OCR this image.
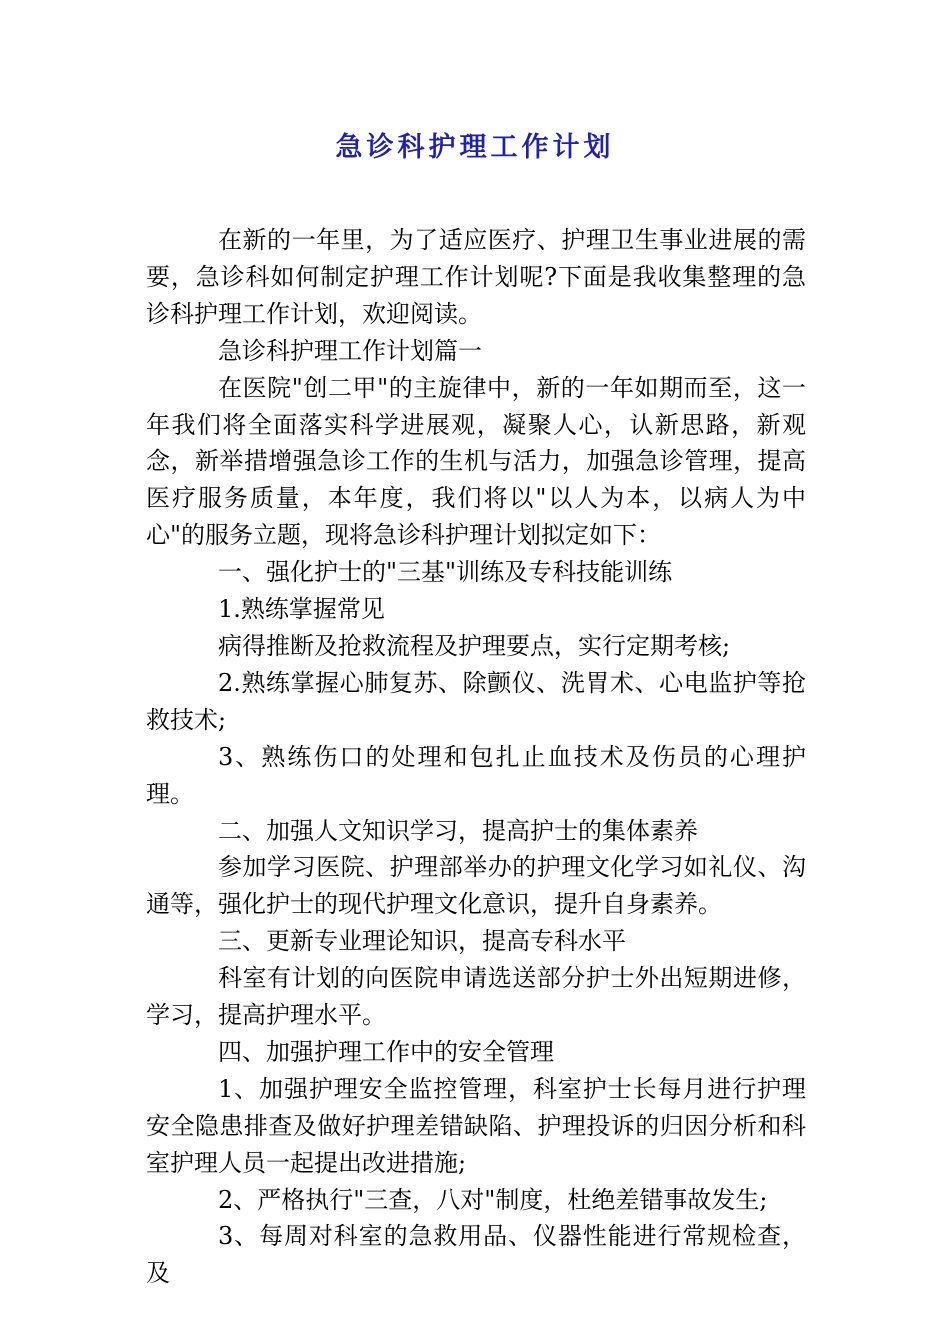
急诊科护理工作计划

在新的一年里，为了适应医疗、护理卫生事业进展的需要，急诊科如何制定护理工作计划呢?下面是我收集整理的急诊科护理工作计划，欢迎阅读。

急诊科护理工作计划篇一

在医院"创二甲"的主旋律中，新的一年如期而至，这一年我们将全面落实科学进展观，凝聚人心，认新思路，新观念，新举措增强急诊工作的生机与活力，加强急诊管理，提高医疗服务质量，本年度，我们将以"以人为本，以病人为中心"的服务立题，现将急诊科护理计划拟定如下：

一、强化护士的"三基"训练及专科技能训练

1.熟练掌握常见

病得推断及抢救流程及护理要点，实行定期考核;

2.熟练掌握心肺复苏、除颤仪、洗胃术、心电监护等抢救技术;

3、熟练伤口的处理和包扎止血技术及伤员的心理护理。

二、加强人文知识学习，提高护士的集体素养

参加学习医院、护理部举办的护理文化学习如礼仪、沟通等，强化护士的现代护理文化意识，提升自身素养。

三、更新专业理论知识，提高专科水平

科室有计划的向医院申请选送部分护士外出短期进修，学习，提高护理水平。

四、加强护理工作中的安全管理

1、加强护理安全监控管理，科室护士长每月进行护理安全隐患排查及做好护理差错缺陷、护理投诉的归因分析和科室护理人员一起提出改进措施;

2、严格执行"三查，八对"制度，杜绝差错事故发生;

3、每周对科室的急救用品、仪器性能进行常规检查，及
